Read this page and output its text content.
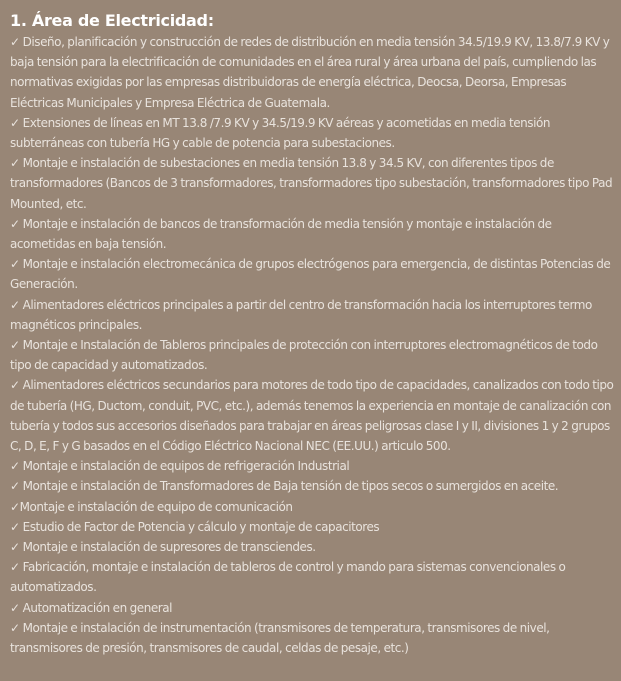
1. Área de Electricidad:

✓ Diseño, planificación y construcción de redes de distribución en media tensión 34.5/19.9 KV, 13.8/7.9 KV y baja tensión para la electrificación de comunidades en el área rural y área urbana del país, cumpliendo las normativas exigidas por las empresas distribuidoras de energía eléctrica, Deocsa, Deorsa, Empresas Eléctricas Municipales y Empresa Eléctrica de Guatemala.

✓ Extensiones de líneas en MT 13.8 /7.9 KV y 34.5/19.9 KV aéreas y acometidas en media tensión subterráneas con tubería HG y cable de potencia para subestaciones.

✓ Montaje e instalación de subestaciones en media tensión 13.8 y 34.5 KV, con diferentes tipos de transformadores (Bancos de 3 transformadores, transformadores tipo subestación, transformadores tipo Pad Mounted, etc.

✓ Montaje e instalación de bancos de transformación de media tensión y montaje e instalación de acometidas en baja tensión.

✓ Montaje e instalación electromecánica de grupos electrógenos para emergencia, de distintas Potencias de Generación.

✓ Alimentadores eléctricos principales a partir del centro de transformación hacia los interruptores termo magnéticos principales.

✓ Montaje e Instalación de Tableros principales de protección con interruptores electromagnéticos de todo tipo de capacidad y automatizados.

✓ Alimentadores eléctricos secundarios para motores de todo tipo de capacidades, canalizados con todo tipo de tubería (HG, Ductom, conduit, PVC, etc.), además tenemos la experiencia en montaje de canalización con tubería y todos sus accesorios diseñados para trabajar en áreas peligrosas clase I y II, divisiones 1 y 2 grupos C, D, E, F y G basados en el Código Eléctrico Nacional NEC (EE.UU.) articulo 500.

✓ Montaje e instalación de equipos de refrigeración Industrial

✓ Montaje e instalación de Transformadores de Baja tensión de tipos secos o sumergidos en aceite.

✓Montaje e instalación de equipo de comunicación

✓ Estudio de Factor de Potencia y cálculo y montaje de capacitores

✓ Montaje e instalación de supresores de transciendes.

✓ Fabricación, montaje e instalación de tableros de control y mando para sistemas convencionales o automatizados.

✓ Automatización en general

✓ Montaje e instalación de instrumentación (transmisores de temperatura, transmisores de nivel, transmisores de presión, transmisores de caudal, celdas de pesaje, etc.)
